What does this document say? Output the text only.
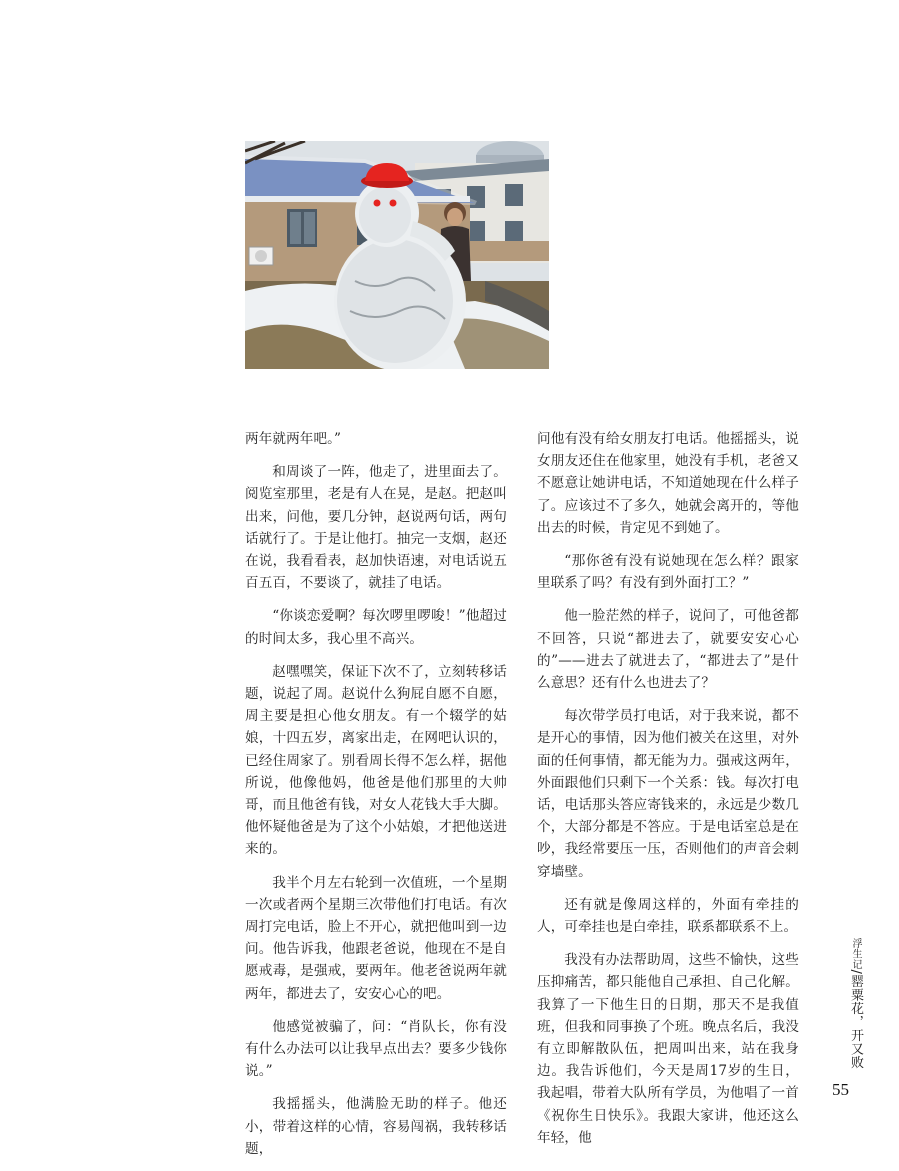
两年就两年吧。”

和周谈了一阵，他走了，进里面去了。阅览室那里，老是有人在晃，是赵。把赵叫出来，问他，要几分钟，赵说两句话，两句话就行了。于是让他打。抽完一支烟，赵还在说，我看看表，赵加快语速，对电话说五百五百，不要谈了，就挂了电话。

“你谈恋爱啊？每次啰里啰唆！”他超过的时间太多，我心里不高兴。

赵嘿嘿笑，保证下次不了，立刻转移话题，说起了周。赵说什么狗屁自愿不自愿，周主要是担心他女朋友。有一个辍学的姑娘，十四五岁，离家出走，在网吧认识的，已经住周家了。别看周长得不怎么样，据他所说，他像他妈，他爸是他们那里的大帅哥，而且他爸有钱，对女人花钱大手大脚。他怀疑他爸是为了这个小姑娘，才把他送进来的。

我半个月左右轮到一次值班，一个星期一次或者两个星期三次带他们打电话。有次周打完电话，脸上不开心，就把他叫到一边问。他告诉我，他跟老爸说，他现在不是自愿戒毒，是强戒，要两年。他老爸说两年就两年，都进去了，安安心心的吧。

他感觉被骗了，问：“肖队长，你有没有什么办法可以让我早点出去？要多少钱你说。”

我摇摇头，他满脸无助的样子。他还小，带着这样的心情，容易闯祸，我转移话题，

问他有没有给女朋友打电话。他摇摇头，说女朋友还住在他家里，她没有手机，老爸又不愿意让她讲电话，不知道她现在什么样子了。应该过不了多久，她就会离开的，等他出去的时候，肯定见不到她了。

“那你爸有没有说她现在怎么样？跟家里联系了吗？有没有到外面打工？”

他一脸茫然的样子，说问了，可他爸都不回答，只说“都进去了，就要安安心心的”——进去了就进去了，“都进去了”是什么意思？还有什么也进去了？

每次带学员打电话，对于我来说，都不是开心的事情，因为他们被关在这里，对外面的任何事情，都无能为力。强戒这两年，外面跟他们只剩下一个关系：钱。每次打电话，电话那头答应寄钱来的，永远是少数几个，大部分都是不答应。于是电话室总是在吵，我经常要压一压，否则他们的声音会刺穿墙壁。

还有就是像周这样的，外面有牵挂的人，可牵挂也是白牵挂，联系都联系不上。

我没有办法帮助周，这些不愉快，这些压抑痛苦，都只能他自己承担、自己化解。我算了一下他生日的日期，那天不是我值班，但我和同事换了个班。晚点名后，我没有立即解散队伍，把周叫出来，站在我身边。我告诉他们，今天是周17岁的生日，我起唱，带着大队所有学员，为他唱了一首《祝你生日快乐》。我跟大家讲，他还这么年轻，他

浮生记/罂粟花，开又败
55
